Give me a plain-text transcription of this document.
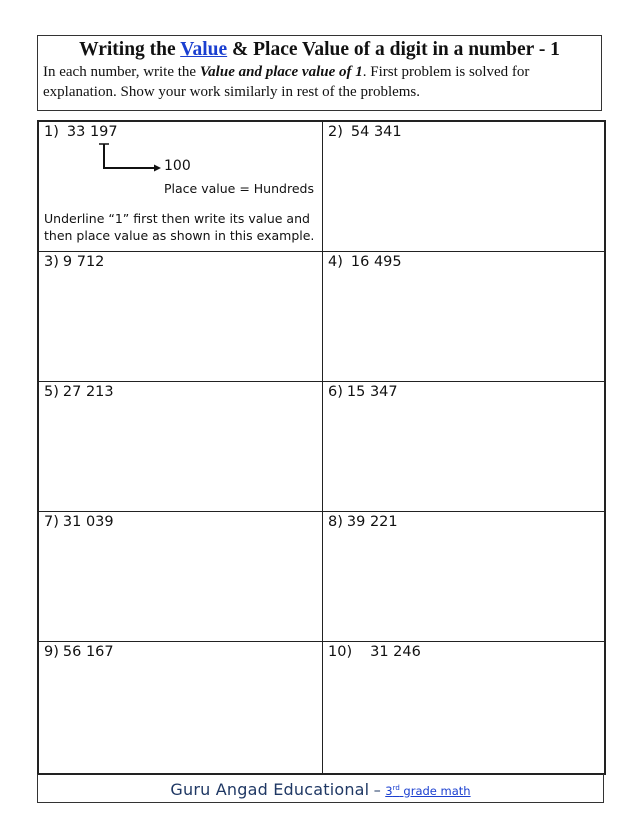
Writing the Value & Place Value of a digit in a number - 1
In each number, write the Value and place value of 1. First problem is solved for explanation. Show your work similarly in rest of the problems.
1) 33 197
100
Place value = Hundreds
Underline “1” first then write its value and then place value as shown in this example.
2) 54 341
3) 9 712	4) 16 495
5) 27 213	6) 15 347
7) 31 039	8) 39 221
9) 56 167	10) 31 246
Guru Angad Educational – 3rd grade math
